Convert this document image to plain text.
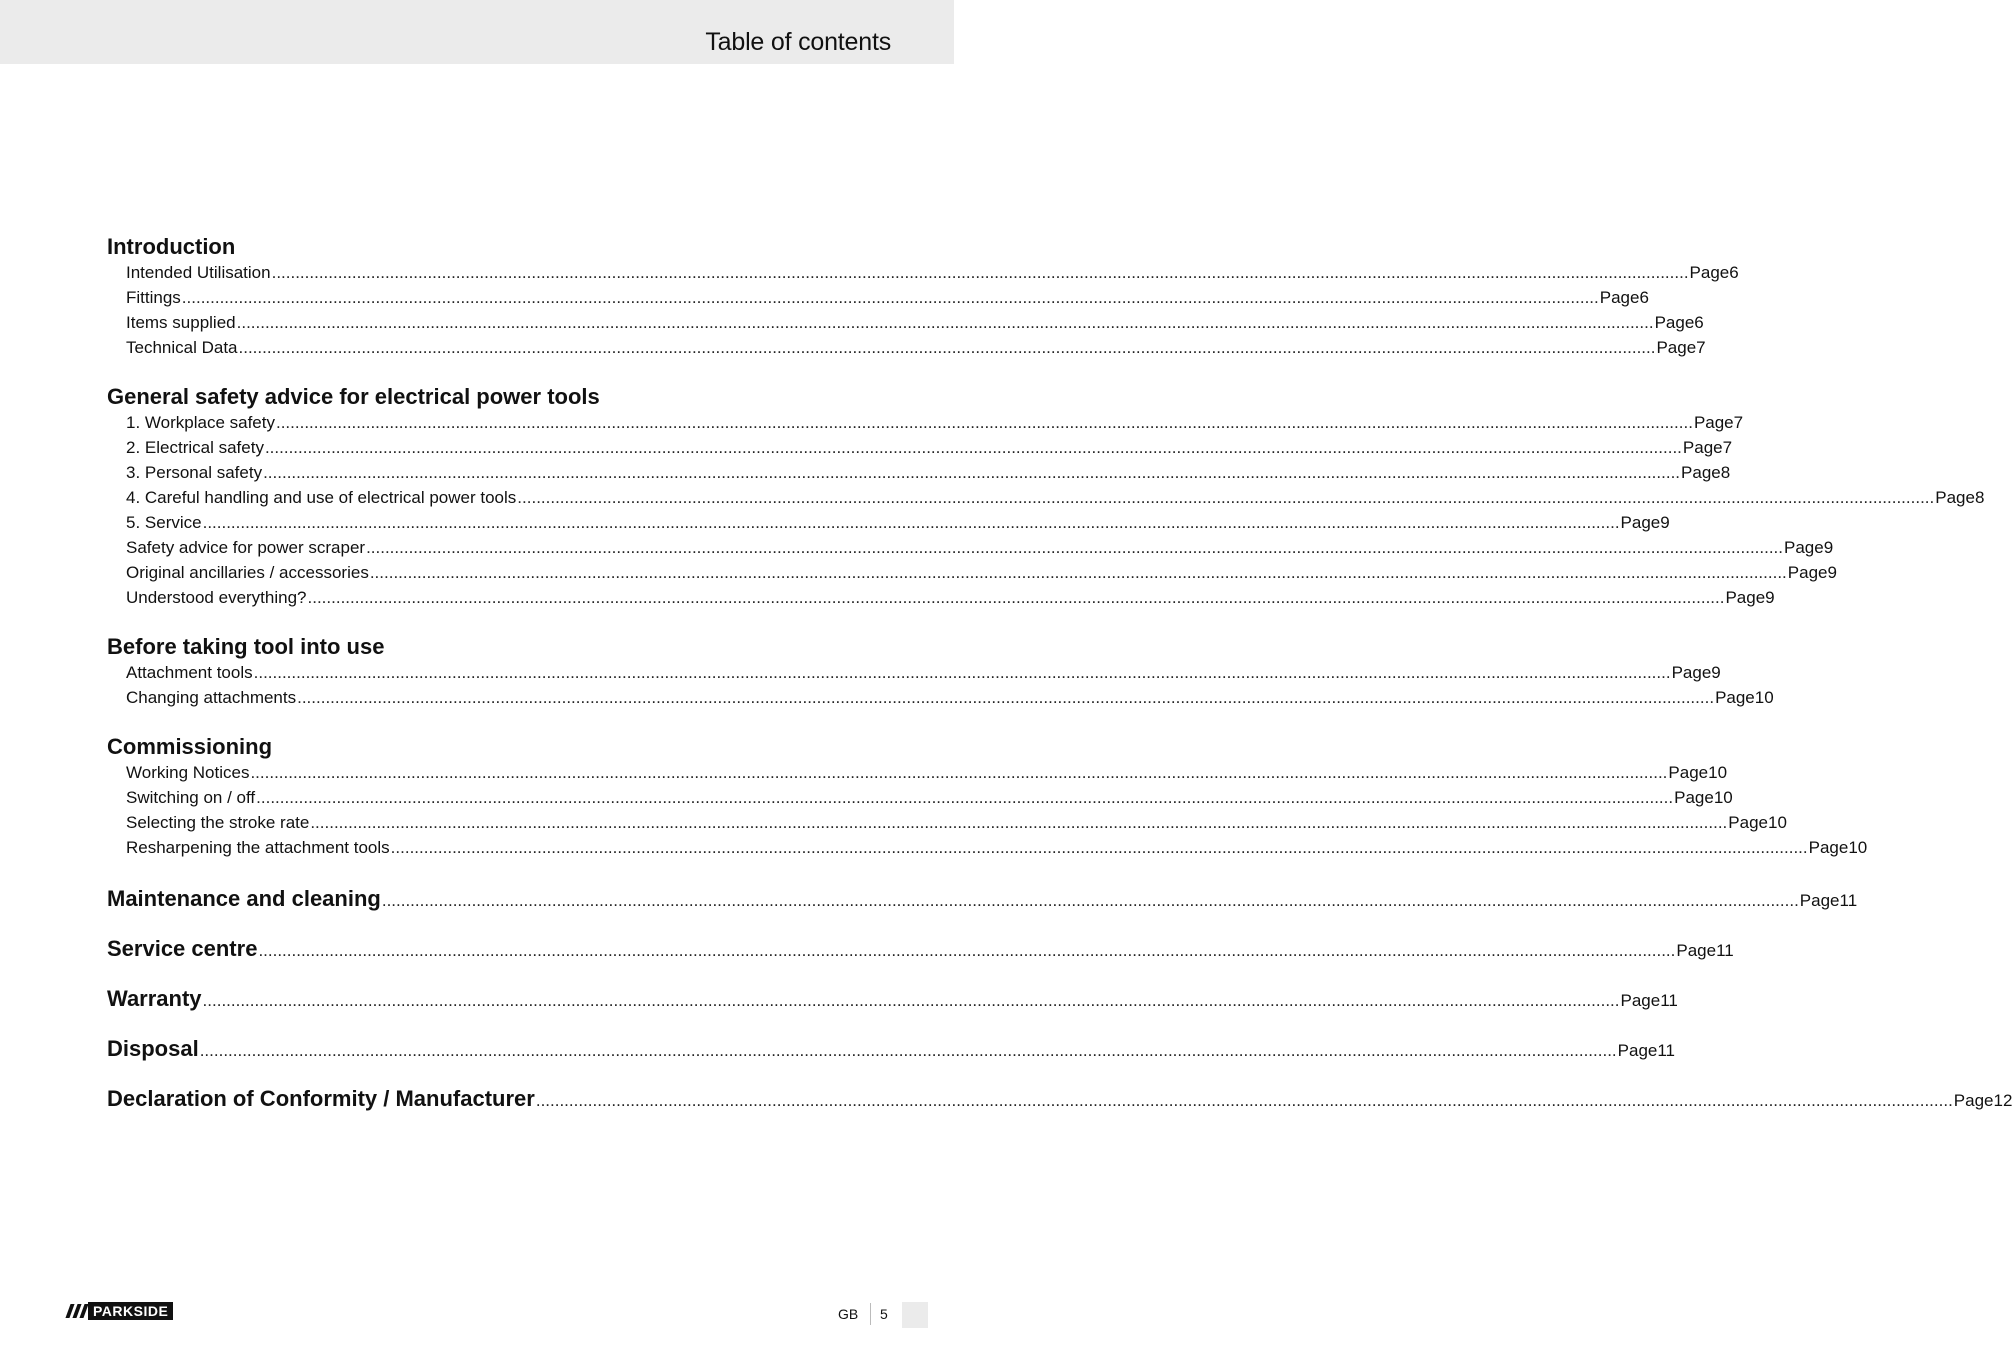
Table of contents
Introduction
Intended Utilisation ............................................................................................................................................................................................................................................................................................................ Page 6
Fittings ............................................................................................................................................................................................................................................................................................................ Page 6
Items supplied ............................................................................................................................................................................................................................................................................................................ Page 6
Technical Data ............................................................................................................................................................................................................................................................................................................ Page 7
General safety advice for electrical power tools
1. Workplace safety ............................................................................................................................................................................................................................................................................................................ Page 7
2. Electrical safety ............................................................................................................................................................................................................................................................................................................ Page 7
3. Personal safety ............................................................................................................................................................................................................................................................................................................ Page 8
4. Careful handling and use of electrical power tools ............................................................................................................................................................................................................................................................................................................ Page 8
5. Service ............................................................................................................................................................................................................................................................................................................ Page 9
Safety advice for power scraper ............................................................................................................................................................................................................................................................................................................ Page 9
Original ancillaries / accessories ............................................................................................................................................................................................................................................................................................................ Page 9
Understood everything? ............................................................................................................................................................................................................................................................................................................ Page 9
Before taking tool into use
Attachment tools ............................................................................................................................................................................................................................................................................................................ Page 9
Changing attachments ............................................................................................................................................................................................................................................................................................................ Page 10
Commissioning
Working Notices ............................................................................................................................................................................................................................................................................................................ Page 10
Switching on / off ............................................................................................................................................................................................................................................................................................................ Page 10
Selecting the stroke rate ............................................................................................................................................................................................................................................................................................................ Page 10
Resharpening the attachment tools ............................................................................................................................................................................................................................................................................................................ Page 10
Maintenance and cleaning ............................................................................................................................................................................................................................................................................................................ Page 11
Service centre ............................................................................................................................................................................................................................................................................................................ Page 11
Warranty ............................................................................................................................................................................................................................................................................................................ Page 11
Disposal ............................................................................................................................................................................................................................................................................................................ Page 11
Declaration of Conformity / Manufacturer ............................................................................................................................................................................................................................................................................................................ Page 12
PARKSIDE	GB	5
